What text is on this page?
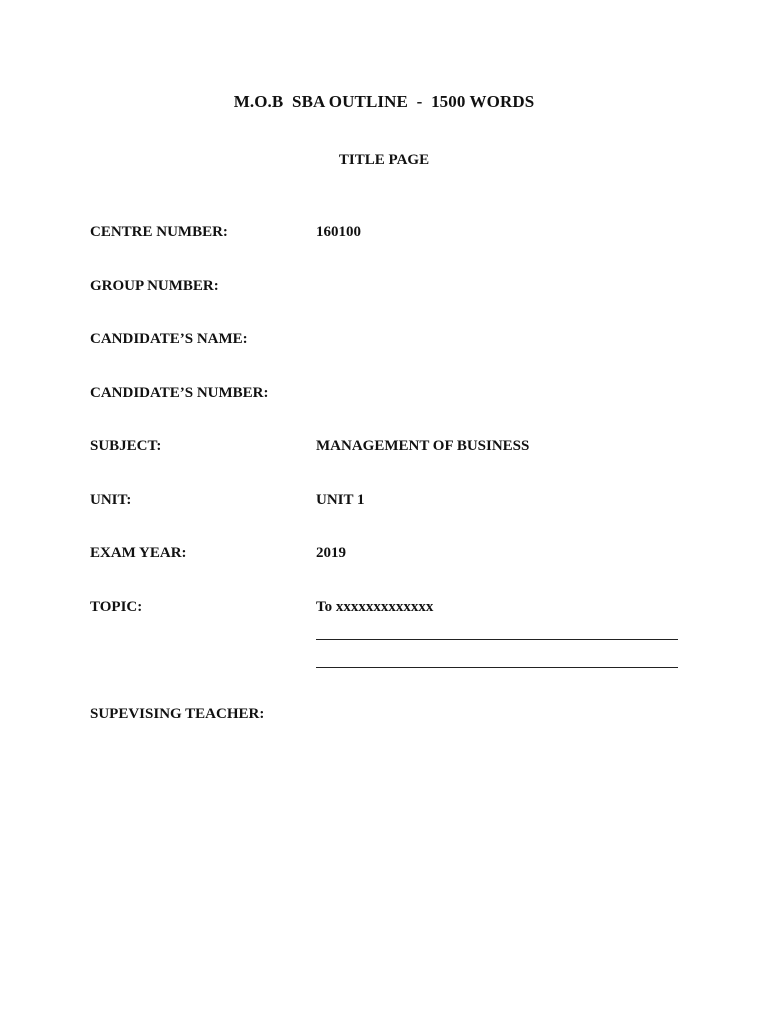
M.O.B  SBA OUTLINE  -  1500 WORDS
TITLE PAGE
CENTRE NUMBER:	160100
GROUP NUMBER:
CANDIDATE’S NAME:
CANDIDATE’S NUMBER:
SUBJECT:	MANAGEMENT OF BUSINESS
UNIT:	UNIT 1
EXAM YEAR:	2019
TOPIC:	To xxxxxxxxxxxxx
SUPEVISING TEACHER:
